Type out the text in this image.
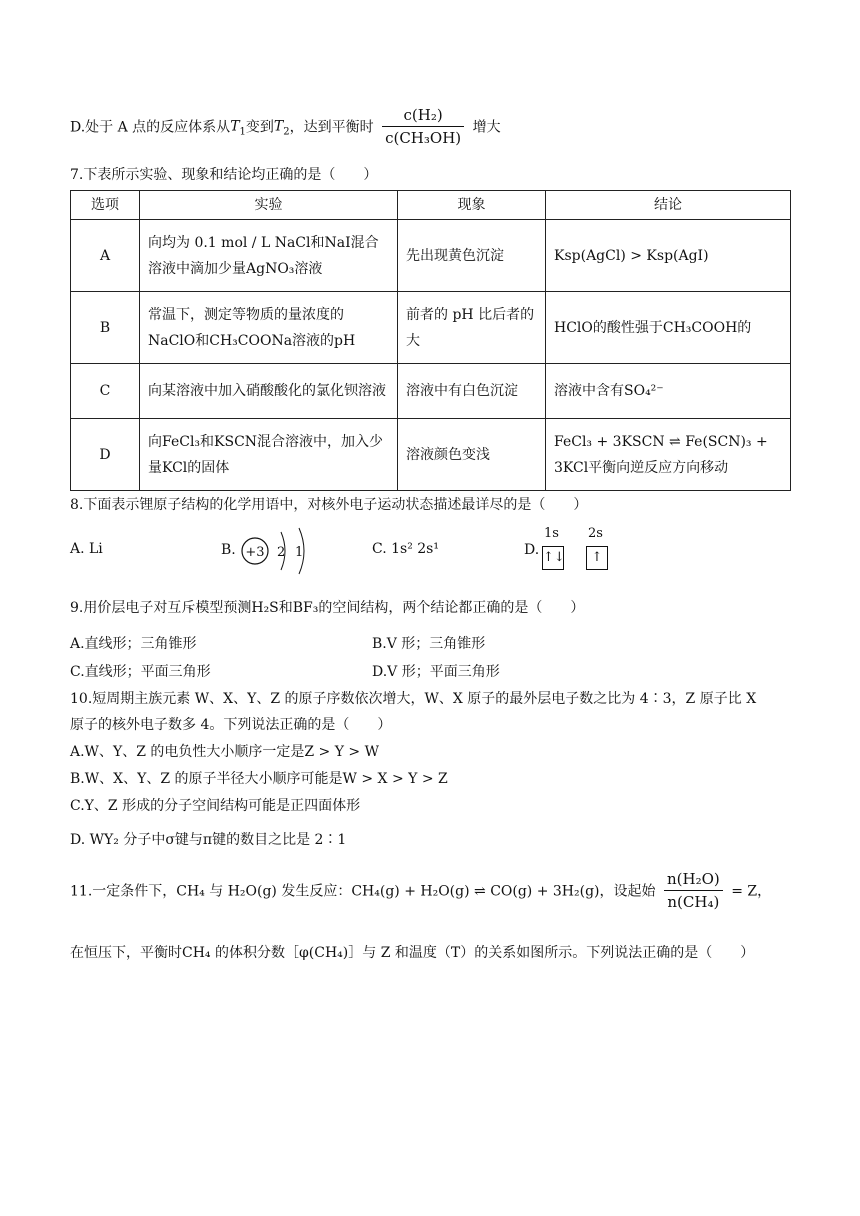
D.处于 A 点的反应体系从$T_1$变到$T_2$，达到平衡时 $\frac{\text{c(H₂)}}{\text{c(CH₃OH)}}$ 增大
7.下表所示实验、现象和结论均正确的是（　　）
选项	实验	现象	结论
A	向均为 0.1 mol / L NaCl和NaI混合溶液中滴加少量AgNO₃溶液	先出现黄色沉淀	Ksp(AgCl) > Ksp(AgI)
B	常温下，测定等物质的量浓度的 NaClO和CH₃COONa溶液的pH	前者的 pH 比后者的大	HClO的酸性强于CH₃COOH的
C	向某溶液中加入硝酸酸化的氯化钡溶液	溶液中有白色沉淀	溶液中含有SO₄²⁻
D	向FeCl₃和KSCN混合溶液中，加入少量KCl的固体	溶液颜色变浅	FeCl₃ + 3KSCN ⇌ Fe(SCN)₃ + 3KCl平衡向逆反应方向移动
8.下面表示锂原子结构的化学用语中，对核外电子运动状态描述最详尽的是（　　）
A. Li	B. +3 2 1	C. 1s² 2s¹	D.
1s 2s
↑↓	↑
9.用价层电子对互斥模型预测H₂S和BF₃的空间结构，两个结论都正确的是（　　）
A.直线形；三角锥形	B.V 形；三角锥形
C.直线形；平面三角形	D.V 形；平面三角形
10.短周期主族元素 W、X、Y、Z 的原子序数依次增大，W、X 原子的最外层电子数之比为 4∶3，Z 原子比 X
原子的核外电子数多 4。下列说法正确的是（　　）
A.W、Y、Z 的电负性大小顺序一定是Z > Y > W
B.W、X、Y、Z 的原子半径大小顺序可能是W > X > Y > Z
C.Y、Z 形成的分子空间结构可能是正四面体形
D. WY₂ 分子中σ键与π键的数目之比是 2∶1
11.一定条件下，CH₄ 与 H₂O(g) 发生反应：CH₄(g) + H₂O(g) ⇌ CO(g) + 3H₂(g)，设起始 $\frac{\text{n(H₂O)}}{\text{n(CH₄)}} = Z$，
在恒压下，平衡时CH₄ 的体积分数［φ(CH₄)］与 Z 和温度（T）的关系如图所示。下列说法正确的是（　　）
